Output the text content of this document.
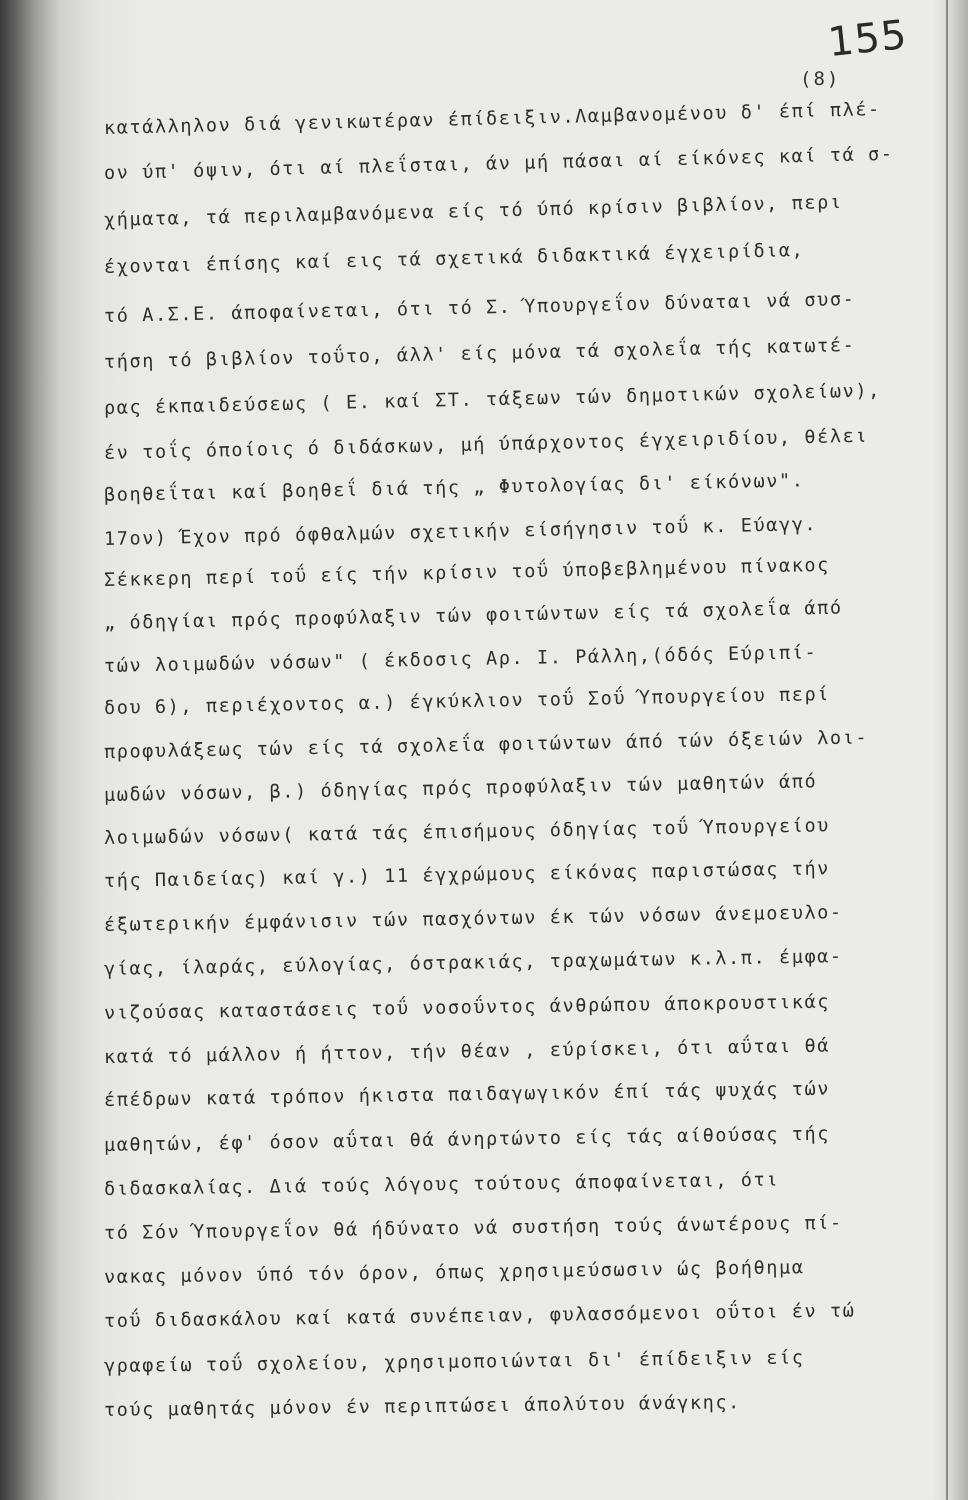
155
(8)
κατάλληλον διά γενικωτέραν έπίδειξιν.Λαμβανομένου δ' έπί πλέ-
ον ύπ' όψιν, ότι αί πλεΐσται, άν μή πάσαι αί είκόνες καί τά σ-
χήματα, τά περιλαμβανόμενα είς τό ύπό κρίσιν βιβλίον, περι
έχονται έπίσης καί εις τά σχετικά διδακτικά έγχειρίδια,
τό Α.Σ.Ε. άποφαίνεται, ότι τό Σ. Ύπουργεΐον δύναται νά συσ-
τήση τό βιβλίον τοΰτο, άλλ' είς μόνα τά σχολεΐα τής κατωτέ-
ρας έκπαιδεύσεως ( Ε. καί ΣΤ. τάξεων τών δημοτικών σχολείων),
έν τοΐς όποίοις ό διδάσκων, μή ύπάρχοντος έγχειριδίου, θέλει
βοηθεΐται καί βοηθεΐ διά τής „ Φυτολογίας δι' είκόνων".
17ον) Έχον πρό όφθαλμών σχετικήν είσήγησιν τοΰ κ. Εύαγγ.
Σέκκερη περί τοΰ είς τήν κρίσιν τοΰ ύποβεβλημένου πίνακος
„ όδηγίαι πρός προφύλαξιν τών φοιτώντων είς τά σχολεΐα άπό
τών λοιμωδών νόσων" ( έκδοσις Αρ. Ι. Ράλλη,(όδός Εύριπί-
δου 6), περιέχοντος α.) έγκύκλιον τοΰ Σοΰ Ύπουργείου περί
προφυλάξεως τών είς τά σχολεΐα φοιτώντων άπό τών όξειών λοι-
μωδών νόσων, β.) όδηγίας πρός προφύλαξιν τών μαθητών άπό
λοιμωδών νόσων( κατά τάς έπισήμους όδηγίας τοΰ Ύπουργείου
τής Παιδείας) καί γ.) 11 έγχρώμους είκόνας παριστώσας τήν
έξωτερικήν έμφάνισιν τών πασχόντων έκ τών νόσων άνεμοευλο-
γίας, ίλαράς, εύλογίας, όστρακιάς, τραχωμάτων κ.λ.π. έμφα-
νιζούσας καταστάσεις τοΰ νοσοΰντος άνθρώπου άποκρουστικάς
κατά τό μάλλον ή ήττον, τήν θέαν , εύρίσκει, ότι αΰται θά
έπέδρων κατά τρόπον ήκιστα παιδαγωγικόν έπί τάς ψυχάς τών
μαθητών, έφ' όσον αΰται θά άνηρτώντο είς τάς αίθούσας τής
διδασκαλίας. Διά τούς λόγους τούτους άποφαίνεται, ότι
τό Σόν Ύπουργεΐον θά ήδύνατο νά συστήση τούς άνωτέρους πί-
νακας μόνον ύπό τόν όρον, όπως χρησιμεύσωσιν ώς βοήθημα
τοΰ διδασκάλου καί κατά συνέπειαν, φυλασσόμενοι οΰτοι έν τώ
γραφείω τοΰ σχολείου, χρησιμοποιώνται δι' έπίδειξιν είς
τούς μαθητάς μόνον έν περιπτώσει άπολύτου άνάγκης.
